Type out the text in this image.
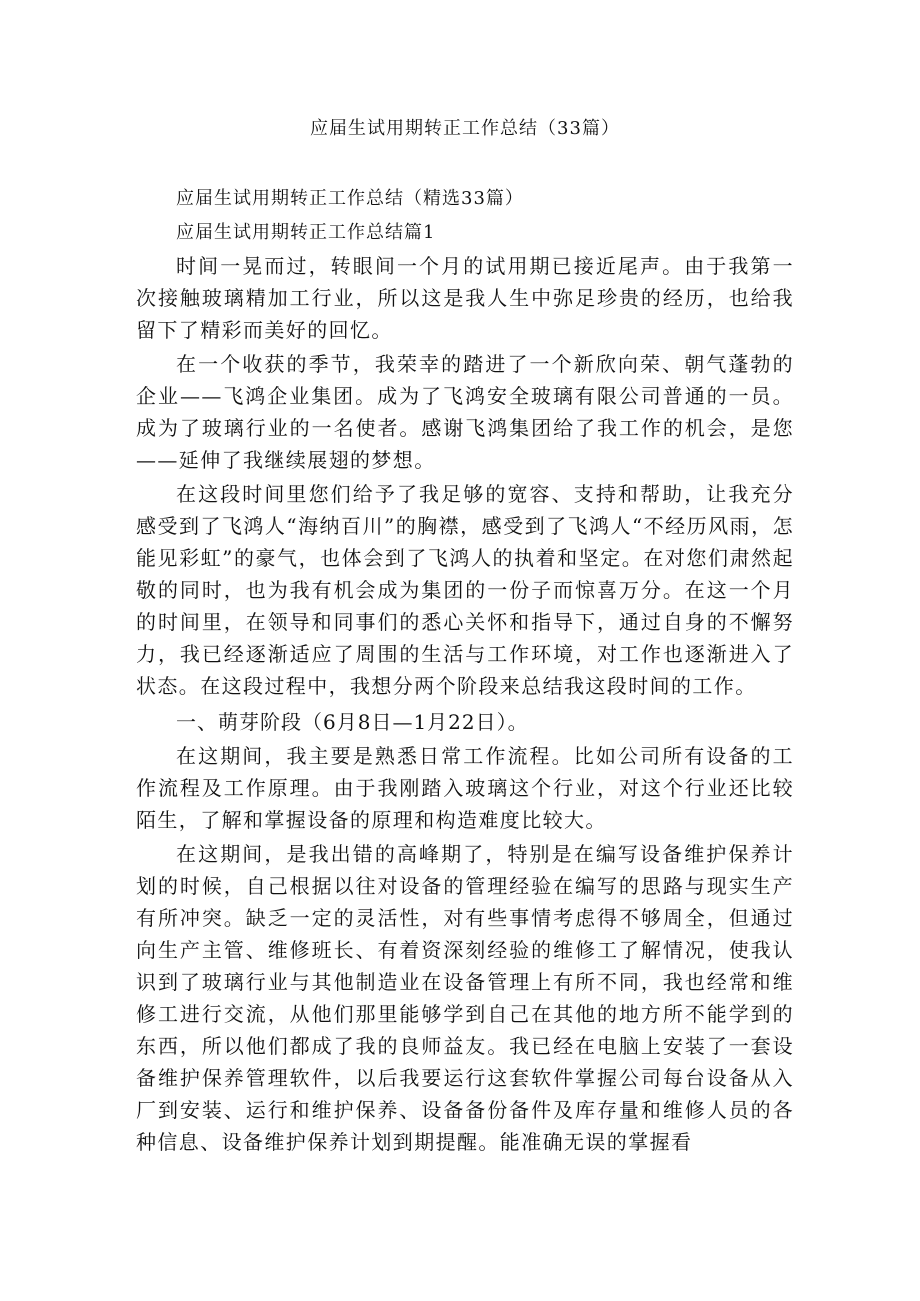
应届生试用期转正工作总结（33篇）
应届生试用期转正工作总结（精选33篇）
应届生试用期转正工作总结篇1

时间一晃而过，转眼间一个月的试用期已接近尾声。由于我第一次接触玻璃精加工行业，所以这是我人生中弥足珍贵的经历，也给我留下了精彩而美好的回忆。

在一个收获的季节，我荣幸的踏进了一个新欣向荣、朝气蓬勃的企业——飞鸿企业集团。成为了飞鸿安全玻璃有限公司普通的一员。成为了玻璃行业的一名使者。感谢飞鸿集团给了我工作的机会，是您——延伸了我继续展翅的梦想。

在这段时间里您们给予了我足够的宽容、支持和帮助，让我充分感受到了飞鸿人“海纳百川”的胸襟，感受到了飞鸿人“不经历风雨，怎能见彩虹”的豪气，也体会到了飞鸿人的执着和坚定。在对您们肃然起敬的同时，也为我有机会成为集团的一份子而惊喜万分。在这一个月的时间里，在领导和同事们的悉心关怀和指导下，通过自身的不懈努力，我已经逐渐适应了周围的生活与工作环境，对工作也逐渐进入了状态。在这段过程中，我想分两个阶段来总结我这段时间的工作。

一、萌芽阶段（6月8日—1月22日）。

在这期间，我主要是熟悉日常工作流程。比如公司所有设备的工作流程及工作原理。由于我刚踏入玻璃这个行业，对这个行业还比较陌生，了解和掌握设备的原理和构造难度比较大。

在这期间，是我出错的高峰期了，特别是在编写设备维护保养计划的时候，自己根据以往对设备的管理经验在编写的思路与现实生产有所冲突。缺乏一定的灵活性，对有些事情考虑得不够周全，但通过向生产主管、维修班长、有着资深刻经验的维修工了解情况，使我认识到了玻璃行业与其他制造业在设备管理上有所不同，我也经常和维修工进行交流，从他们那里能够学到自己在其他的地方所不能学到的东西，所以他们都成了我的良师益友。我已经在电脑上安装了一套设备维护保养管理软件，以后我要运行这套软件掌握公司每台设备从入厂到安装、运行和维护保养、设备备份备件及库存量和维修人员的各种信息、设备维护保养计划到期提醒。能准确无误的掌握看
